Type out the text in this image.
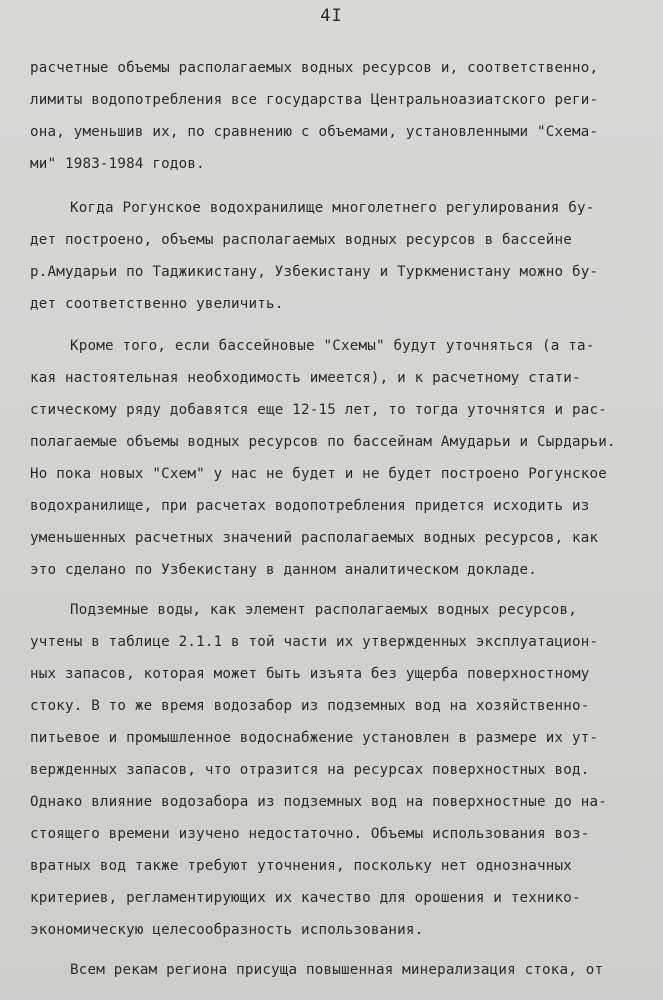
4I
расчетные объемы располагаемых водных ресурсов и, соответственно,
лимиты водопотребления все государства Центральноазиатского реги-
она, уменьшив их, по сравнению с объемами, установленными "Схема-
ми" 1983-1984 годов.
Когда Рогунское водохранилище многолетнего регулирования бу-
дет построено, объемы располагаемых водных ресурсов в бассейне
р.Амударьи по Таджикистану, Узбекистану и Туркменистану можно бу-
дет соответственно увеличить.
Кроме того, если бассейновые "Схемы" будут уточняться (а та-
кая настоятельная необходимость имеется), и к расчетному стати-
стическому ряду добавятся еще 12-15 лет, то тогда уточнятся и рас-
полагаемые объемы водных ресурсов по бассейнам Амударьи и Сырдарьи.
Но пока новых "Схем" у нас не будет и не будет построено Рогунское
водохранилище, при расчетах водопотребления придется исходить из
уменьшенных расчетных значений располагаемых водных ресурсов, как
это сделано по Узбекистану в данном аналитическом докладе.
Подземные воды, как элемент располагаемых водных ресурсов,
учтены в таблице 2.1.1 в той части их утвержденных эксплуатацион-
ных запасов, которая может быть изъята без ущерба поверхностному
стоку. В то же время водозабор из подземных вод на хозяйственно-
питьевое и промышленное водоснабжение установлен в размере их ут-
вержденных запасов, что отразится на ресурсах поверхностных вод.
Однако влияние водозабора из подземных вод на поверхностные до на-
стоящего времени изучено недостаточно. Объемы использования воз-
вратных вод также требуют уточнения, поскольку нет однозначных
критериев, регламентирующих их качество для орошения и технико-
экономическую целесообразность использования.
Всем рекам региона присуща повышенная минерализация стока, от
